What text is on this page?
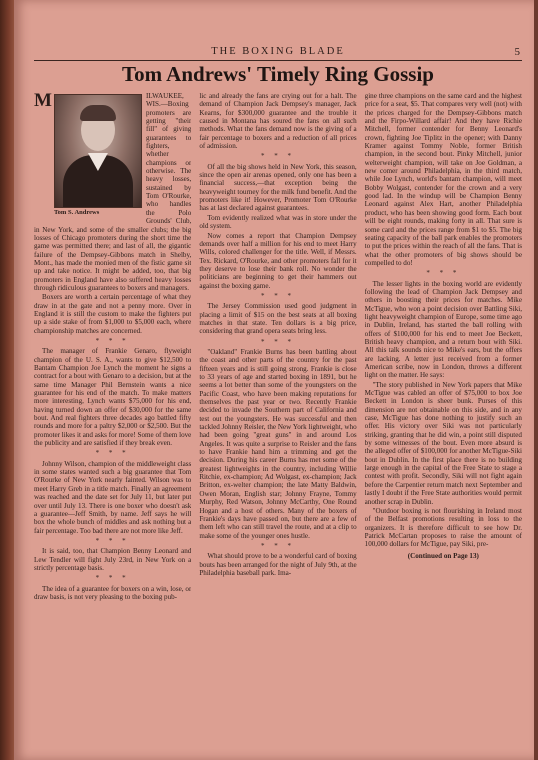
THE BOXING BLADE	5
Tom Andrews' Timely Ring Gossip

M
Tom S. Andrews
ILWAUKEE, WIS.—Boxing promoters are getting "their fill" of giving guarantees to fighters, whether champions or otherwise. The heavy losses, sustained by Tom O'Rourke, who handles the Polo Grounds' Club, in New York, and some of the smaller clubs; the big losses of Chicago promoters during the short time the game was permitted there; and last of all, the gigantic failure of the Dempsey-Gibbons match in Shelby, Mont., has made the monied men of the fistic game sit up and take notice. It might be added, too, that big promoters in England have also suffered heavy losses through ridiculous guarantees to boxers and managers.

Boxers are worth a certain percentage of what they draw in at the gate and not a penny more. Over in England it is still the custom to make the fighters put up a side stake of from $1,000 to $5,000 each, where championship matches are concerned.

* * *

The manager of Frankie Genaro, flyweight champion of the U. S. A., wants to give $12,500 to Bantam Champion Joe Lynch the moment he signs a contract for a bout with Genaro to a decision, but at the same time Manager Phil Bernstein wants a nice guarantee for his end of the match. To make matters more interesting, Lynch wants $75,000 for his end, having turned down an offer of $30,000 for the same bout. And real fighters three decades ago battled fifty rounds and more for a paltry $2,000 or $2,500. But the promoter likes it and asks for more! Some of them love the publicity and are satisfied if they break even.

* * *

Johnny Wilson, champion of the middleweight class in some states wanted such a big guarantee that Tom O'Rourke of New York nearly fainted. Wilson was to meet Harry Greb in a title match. Finally an agreement was reached and the date set for July 11, but later put over until July 13. There is one boxer who doesn't ask a guarantee—Jeff Smith, by name. Jeff says he will box the whole bunch of middles and ask nothing but a fair percentage. Too bad there are not more like Jeff.

* * *

It is said, too, that Champion Benny Leonard and Lew Tendler will fight July 23rd, in New York on a strictly percentage basis.

* * *

The idea of a guarantee for boxers on a win, lose, or draw basis, is not very pleasing to the boxing pub-

lic and already the fans are crying out for a halt. The demand of Champion Jack Dempsey's manager, Jack Kearns, for $300,000 guarantee and the trouble it caused in Montana has soured the fans on all such methods. What the fans demand now is the giving of a fair percentage to boxers and a reduction of all prices of admission.

* * *

Of all the big shows held in New York, this season, since the open air arenas opened, only one has been a financial success,—that exception being the heavyweight tourney for the milk fund benefit. And the promoters like it! However, Promoter Tom O'Rourke has at last declared against guarantees.

Tom evidently realized what was in store under the old system.

Now comes a report that Champion Dempsey demands over half a million for his end to meet Harry Wills, colored challenger for the title. Well, if Messrs. Tex. Rickard, O'Rourke, and other promoters fall for it they deserve to lose their bank roll. No wonder the politicians are beginning to get their hammers out against the boxing game.

* * *

The Jersey Commission used good judgment in placing a limit of $15 on the best seats at all boxing matches in that state. Ten dollars is a big price, considering that grand opera seats bring less.

* * *

"Oakland" Frankie Burns has been battling about the coast and other parts of the country for the past fifteen years and is still going strong. Frankie is close to 33 years of age and started boxing in 1891, but he seems a lot better than some of the youngsters on the Pacific Coast, who have been making reputations for themselves the past year or two. Recently Frankie decided to invade the Southern part of California and test out the youngsters. He was successful and then tackled Johnny Reisler, the New York lightweight, who had been going "great guns" in and around Los Angeles. It was quite a surprise to Reisler and the fans to have Frankie hand him a trimming and get the decision. During his career Burns has met some of the greatest lightweights in the country, including Willie Ritchie, ex-champion; Ad Wolgast, ex-champion; Jack Britton, ex-welter champion; the late Matty Baldwin, Owen Moran, English star; Johnny Frayne, Tommy Murphy, Red Watson, Johnny McCarthy, One Round Hogan and a host of others. Many of the boxers of Frankie's days have passed on, but there are a few of them left who can still travel the route, and at a clip to make some of the younger ones hustle.

* * *

What should prove to be a wonderful card of boxing bouts has been arranged for the night of July 9th, at the Philadelphia baseball park. Ima-

gine three champions on the same card and the highest price for a seat, $5. That compares very well (not) with the prices charged for the Dempsey-Gibbons match and the Firpo-Willard affair! And they have Richie Mitchell, former contender for Benny Leonard's crown, fighting Joe Tiplitz in the opener; with Danny Kramer against Tommy Noble, former British champion, in the second bout. Pinky Mitchell, junior welterweight champion, will take on Joe Goldman, a new comer around Philadelphia, in the third match, while Joe Lynch, world's bantam champion, will meet Bobby Wolgast, contender for the crown and a very good lad. In the windup will be Champion Benny Leonard against Alex Hart, another Philadelphia product, who has been showing good form. Each bout will be eight rounds, making forty in all. That sure is some card and the prices range from $1 to $5. The big seating capacity of the ball park enables the promoters to put the prices within the reach of all the fans. That is what the other promoters of big shows should be compelled to do!

* * *

The lesser lights in the boxing world are evidently following the lead of Champion Jack Dempsey and others in boosting their prices for matches. Mike McTigue, who won a point decision over Battling Siki, light heavyweight champion of Europe, some time ago in Dublin, Ireland, has started the ball rolling with offers of $100,000 for his end to meet Joe Beckett, British heavy champion, and a return bout with Siki. All this talk sounds nice to Mike's ears, but the offers are lacking. A letter just received from a former American scribe, now in London, throws a different light on the matter. He says:

"The story published in New York papers that Mike McTigue was cabled an offer of $75,000 to box Joe Beckett in London is sheer bunk. Purses of this dimension are not obtainable on this side, and in any case, McTigue has done nothing to justify such an offer. His victory over Siki was not particularly striking, granting that he did win, a point still disputed by some witnesses of the bout. Even more absurd is the alleged offer of $100,000 for another McTigue-Siki bout in Dublin. In the first place there is no building large enough in the capital of the Free State to stage a contest with profit. Secondly, Siki will not fight again before the Carpentier return match next September and lastly I doubt if the Free State authorities would permit another scrap in Dublin.

"Outdoor boxing is not flourishing in Ireland most of the Belfast promotions resulting in loss to the organizers. It is therefore difficult to see how Dr. Patrick McCartan proposes to raise the amount of 100,000 dollars for McTigue, pay Siki, pre-

(Continued on Page 13)
